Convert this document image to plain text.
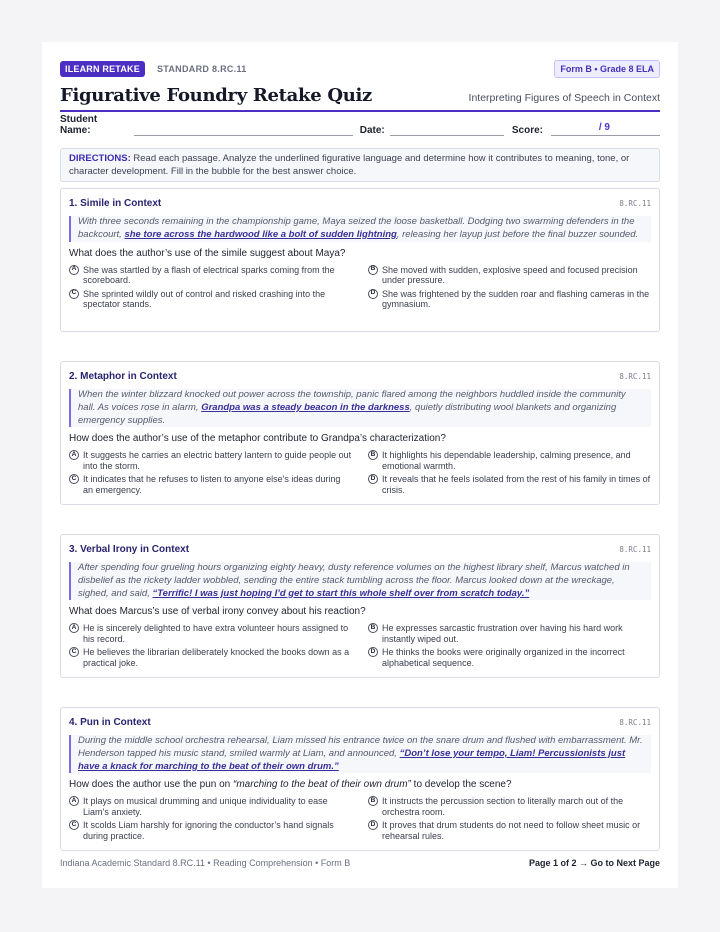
ILEARN RETAKE	STANDARD 8.RC.11	Form B • Grade 8 ELA
Figurative Foundry Retake Quiz	Interpreting Figures of Speech in Context
Student Name:	Date:	Score:	/ 9
DIRECTIONS: Read each passage. Analyze the underlined figurative language and determine how it contributes to meaning, tone, or character development. Fill in the bubble for the best answer choice.
1. Simile in Context	8.RC.11
With three seconds remaining in the championship game, Maya seized the loose basketball. Dodging two swarming defenders in the backcourt, she tore across the hardwood like a bolt of sudden lightning, releasing her layup just before the final buzzer sounded.
What does the author’s use of the simile suggest about Maya?
A She was startled by a flash of electrical sparks coming from the scoreboard.
B She moved with sudden, explosive speed and focused precision under pressure.
C She sprinted wildly out of control and risked crashing into the spectator stands.
D She was frightened by the sudden roar and flashing cameras in the gymnasium.
2. Metaphor in Context	8.RC.11
When the winter blizzard knocked out power across the township, panic flared among the neighbors huddled inside the community hall. As voices rose in alarm, Grandpa was a steady beacon in the darkness, quietly distributing wool blankets and organizing emergency supplies.
How does the author’s use of the metaphor contribute to Grandpa’s characterization?
A It suggests he carries an electric battery lantern to guide people out into the storm.
B It highlights his dependable leadership, calming presence, and emotional warmth.
C It indicates that he refuses to listen to anyone else's ideas during an emergency.
D It reveals that he feels isolated from the rest of his family in times of crisis.
3. Verbal Irony in Context	8.RC.11
After spending four grueling hours organizing eighty heavy, dusty reference volumes on the highest library shelf, Marcus watched in disbelief as the rickety ladder wobbled, sending the entire stack tumbling across the floor. Marcus looked down at the wreckage, sighed, and said, “Terrific! I was just hoping I’d get to start this whole shelf over from scratch today.”
What does Marcus’s use of verbal irony convey about his reaction?
A He is sincerely delighted to have extra volunteer hours assigned to his record.
B He expresses sarcastic frustration over having his hard work instantly wiped out.
C He believes the librarian deliberately knocked the books down as a practical joke.
D He thinks the books were originally organized in the incorrect alphabetical sequence.
4. Pun in Context	8.RC.11
During the middle school orchestra rehearsal, Liam missed his entrance twice on the snare drum and flushed with embarrassment. Mr. Henderson tapped his music stand, smiled warmly at Liam, and announced, “Don’t lose your tempo, Liam! Percussionists just have a knack for marching to the beat of their own drum.”
How does the author use the pun on “marching to the beat of their own drum” to develop the scene?
A It plays on musical drumming and unique individuality to ease Liam’s anxiety.
B It instructs the percussion section to literally march out of the orchestra room.
C It scolds Liam harshly for ignoring the conductor’s hand signals during practice.
D It proves that drum students do not need to follow sheet music or rehearsal rules.
Indiana Academic Standard 8.RC.11 • Reading Comprehension • Form B	Page 1 of 2 → Go to Next Page
